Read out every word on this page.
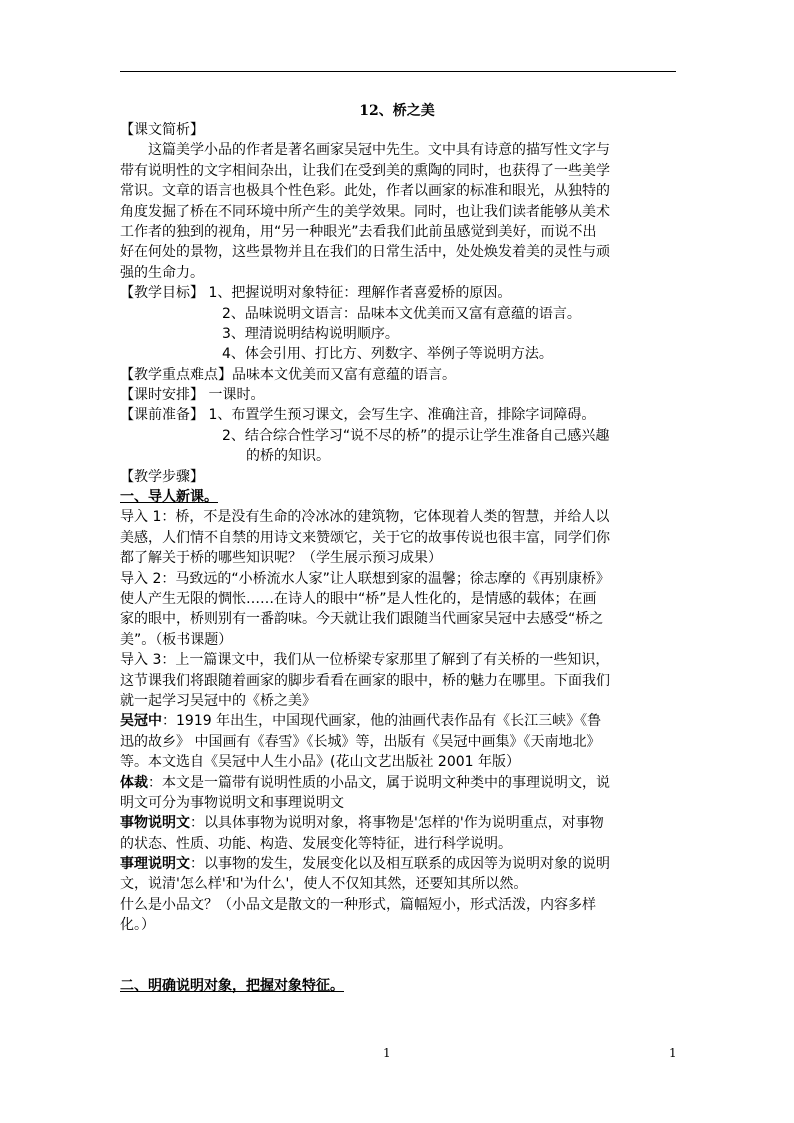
12、桥之美
【课文简析】
这篇美学小品的作者是著名画家吴冠中先生。文中具有诗意的描写性文字与
带有说明性的文字相间杂出，让我们在受到美的熏陶的同时，也获得了一些美学
常识。文章的语言也极具个性色彩。此处，作者以画家的标准和眼光，从独特的
角度发掘了桥在不同环境中所产生的美学效果。同时，也让我们读者能够从美术
工作者的独到的视角，用“另一种眼光”去看我们此前虽感觉到美好，而说不出
好在何处的景物，这些景物并且在我们的日常生活中，处处焕发着美的灵性与顽
强的生命力。
【教学目标】 1、把握说明对象特征：理解作者喜爱桥的原因。
2、品味说明文语言：品味本文优美而又富有意蕴的语言。
3、理清说明结构说明顺序。
4、体会引用、打比方、列数字、举例子等说明方法。
【教学重点难点】品味本文优美而又富有意蕴的语言。
【课时安排】 一课时。
【课前准备】 1、布置学生预习课文，会写生字、准确注音，排除字词障碍。
2、结合综合性学习“说不尽的桥”的提示让学生准备自己感兴趣
的桥的知识。
【教学步骤】
一、导人新课。
导入 1：桥，不是没有生命的冷冰冰的建筑物，它体现着人类的智慧，并给人以
美感，人们情不自禁的用诗文来赞颂它，关于它的故事传说也很丰富，同学们你
都了解关于桥的哪些知识呢？（学生展示预习成果）
导入 2：马致远的“小桥流水人家”让人联想到家的温馨；徐志摩的《再别康桥》
使人产生无限的惆怅……在诗人的眼中“桥”是人性化的，是情感的载体；在画
家的眼中，桥则别有一番韵味。今天就让我们跟随当代画家吴冠中去感受“桥之
美”。（板书课题）
导入 3：上一篇课文中，我们从一位桥梁专家那里了解到了有关桥的一些知识，
这节课我们将跟随着画家的脚步看看在画家的眼中，桥的魅力在哪里。下面我们
就一起学习吴冠中的《桥之美》
吴冠中：1919 年出生，中国现代画家，他的油画代表作品有《长江三峡》《鲁
迅的故乡》 中国画有《春雪》《长城》等，出版有《吴冠中画集》《天南地北》
等。本文选自《吴冠中人生小品》(花山文艺出版社 2001 年版）
体裁：本文是一篇带有说明性质的小品文，属于说明文种类中的事理说明文，说
明文可分为事物说明文和事理说明文
事物说明文：以具体事物为说明对象，将事物是'怎样的'作为说明重点，对事物
的状态、性质、功能、构造、发展变化等特征，进行科学说明。
事理说明文：以事物的发生，发展变化以及相互联系的成因等为说明对象的说明
文，说清'怎么样'和'为什么'，使人不仅知其然，还要知其所以然。
什么是小品文？（小品文是散文的一种形式，篇幅短小，形式活泼，内容多样
化。）
二、明确说明对象，把握对象特征。
1	1
